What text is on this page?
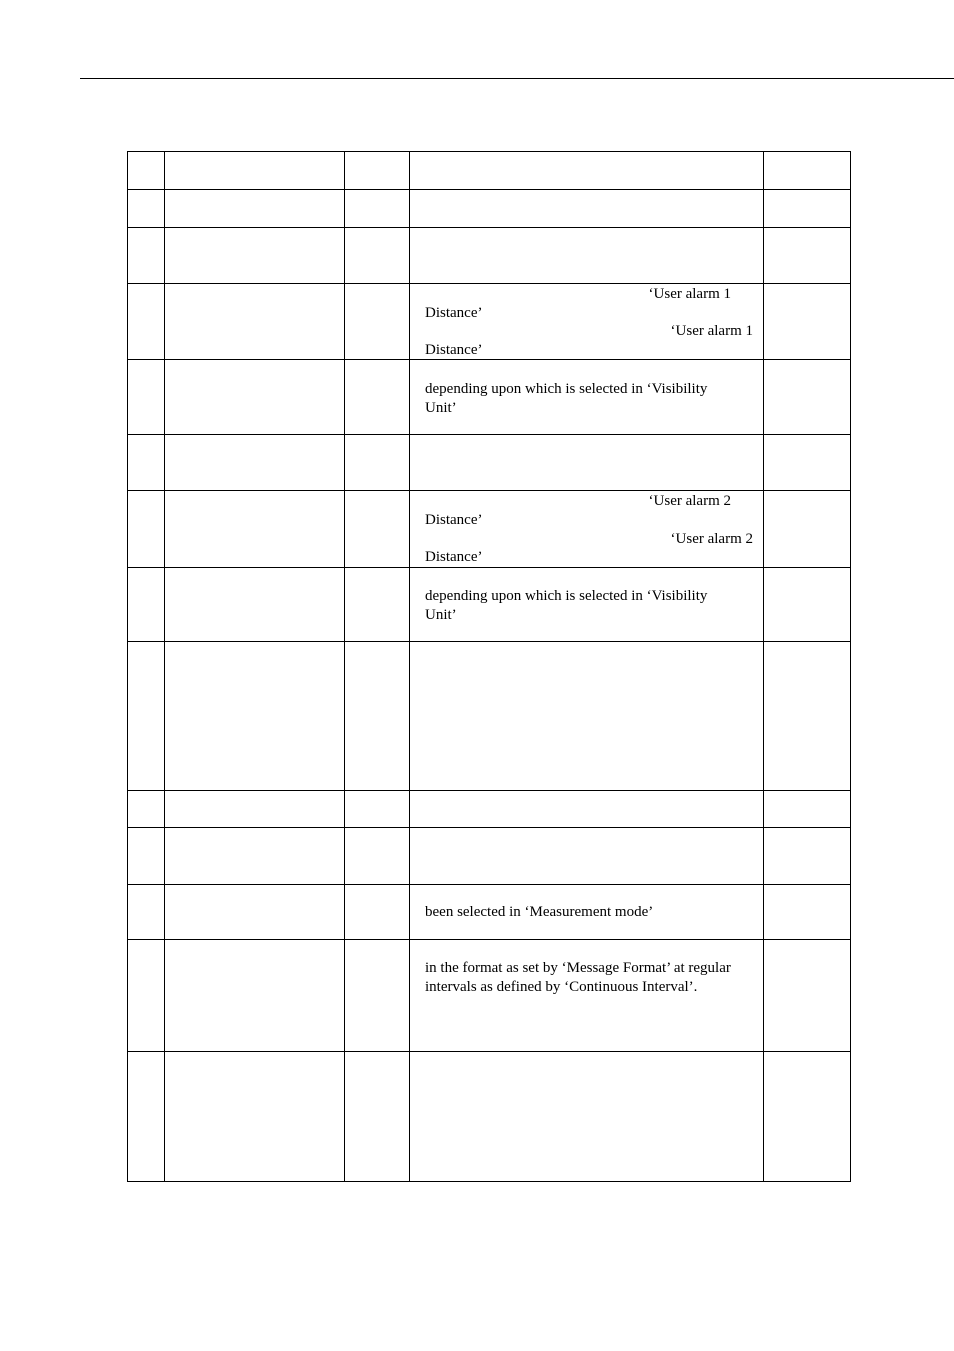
			‘User alarm 1
Distance’
‘User alarm 1
Distance’	

			depending upon which is selected in ‘Visibility
Unit’	

			‘User alarm 2
Distance’
‘User alarm 2
Distance’	

			depending upon which is selected in ‘Visibility
Unit’	

			been selected in ‘Measurement mode’	

			in the format as set by ‘Message Format’ at regular
intervals as defined by ‘Continuous Interval’.	
